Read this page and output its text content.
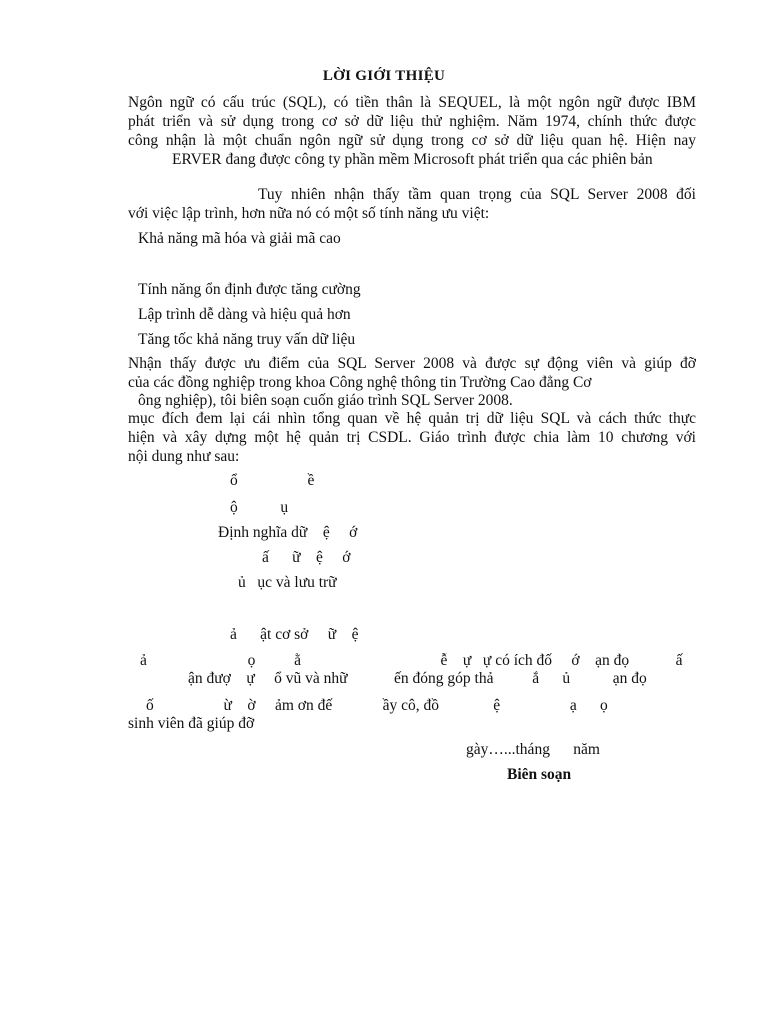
LỜI GIỚI THIỆU
Ngôn ngữ có cấu trúc (SQL), có tiền thân là SEQUEL, là một ngôn ngữ được IBM
phát triển và sử dụng trong cơ sở dữ liệu thử nghiệm. Năm 1974, chính thức được
công nhận là một chuẩn ngôn ngữ sử dụng trong cơ sở dữ liệu quan hệ. Hiện nay
ERVER đang được công ty phần mềm Microsoft phát triển qua các phiên bản
Tuy nhiên nhận thấy tầm quan trọng của SQL Server 2008 đối
với việc lập trình, hơn nữa nó có một số tính năng ưu việt:
Khả năng mã hóa và giải mã cao
Tính năng ổn định được tăng cường
Lập trình dễ dàng và hiệu quả hơn
Tăng tốc khả năng truy vấn dữ liệu
Nhận thấy được ưu điểm của SQL Server 2008 và được sự động viên và giúp đỡ
của các đồng nghiệp trong khoa Công nghệ thông tin Trường Cao đẳng Cơ
ông nghiệp), tôi biên soạn cuốn giáo trình SQL Server 2008.
mục đích đem lại cái nhìn tổng quan về hệ quản trị dữ liệu SQL và cách thức thực
hiện và xây dựng một hệ quản trị CSDL. Giáo trình được chia làm 10 chương với
nội dung như sau:
ổ                  ề
ộ           ụ
Định nghĩa dữ    ệ     ớ
ấ      ữ    ệ     ớ
ủ   ục và lưu trữ
ả      ật cơ sở     ữ    ệ
ả                          ọ          ằ                                    ễ    ự   ự có ích đố     ớ    ạn đọ            ấ
ận đượ    ự     ổ vũ và nhữ            ến đóng góp thả          ắ      ủ           ạn đọ
ố                  ừ    ờ     ảm ơn đế             ầy cô, đồ              ệ                  ạ      ọ
sinh viên đã giúp đỡ
gày…...tháng      năm
Biên soạn
